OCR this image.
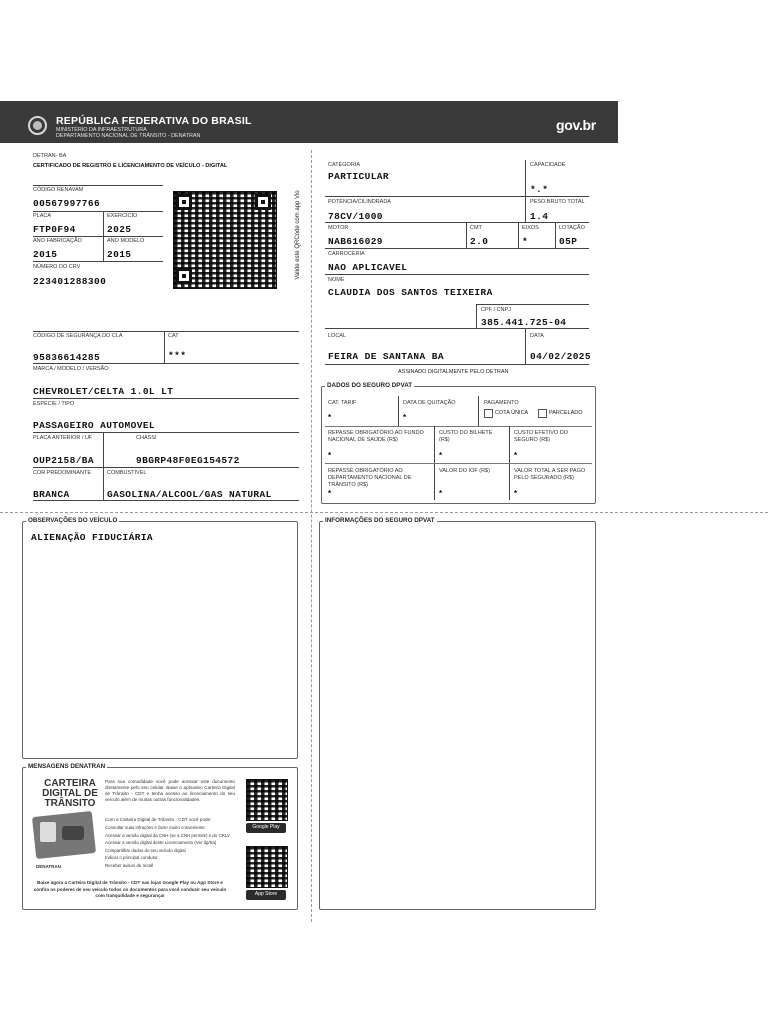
REPÚBLICA FEDERATIVA DO BRASIL
MINISTÉRIO DA INFRAESTRUTURA
DEPARTAMENTO NACIONAL DE TRÂNSITO - DENATRAN
gov.br
DETRAN- BA
CERTIFICADO DE REGISTRO E LICENCIAMENTO DE VEÍCULO - DIGITAL
CÓDIGO RENAVAM
00567997766
PLACA
FTP0F94
EXERCÍCIO
2025
ANO FABRICAÇÃO
2015
ANO MODELO
2015
NÚMERO DO CRV
223401288300
Valide este QRCode com app Vio
CÓDIGO DE SEGURANÇA DO CLA
95836614285
CAT
***
MARCA / MODELO / VERSÃO
CHEVROLET/CELTA 1.0L LT
ESPÉCIE / TIPO
PASSAGEIRO AUTOMOVEL
PLACA ANTERIOR / UF
OUP2158/BA
CHASSI
9BGRP48F0EG154572
COR PREDOMINANTE
BRANCA
COMBUSTÍVEL
GASOLINA/ALCOOL/GAS NATURAL
CATEGORIA
PARTICULAR
CAPACIDADE
*.*
POTÊNCIA/CILINDRADA
78CV/1000
PESO BRUTO TOTAL
1.4
MOTOR
NAB616029
CMT
2.0
EIXOS
*
LOTAÇÃO
05P
CARROCERIA
NAO APLICAVEL
NOME
CLAUDIA DOS SANTOS TEIXEIRA
CPF / CNPJ
385.441.725-04
LOCAL
FEIRA DE SANTANA BA
DATA
04/02/2025
ASSINADO DIGITALMENTE PELO DETRAN
DADOS DO SEGURO DPVAT
CAT. TARIF
*
DATA DE QUITAÇÃO
*
PAGAMENTO
COTA ÚNICA	PARCELADO
REPASSE OBRIGATÓRIO AO FUNDO NACIONAL DE SAÚDE (R$)
*
CUSTO DO BILHETE (R$)
*
CUSTO EFETIVO DO SEGURO (R$)
*
REPASSE OBRIGATÓRIO AO DEPARTAMENTO NACIONAL DE TRÂNSITO (R$)
*
VALOR DO IOF (R$)
*
VALOR TOTAL A SER PAGO PELO SEGURADO (R$)
*
OBSERVAÇÕES DO VEÍCULO
ALIENAÇÃO FIDUCIÁRIA
INFORMAÇÕES DO SEGURO DPVAT
MENSAGENS DENATRAN
CARTEIRA
DIGITAL DE
TRÂNSITO
DENATRAN
Para sua comodidade você pode acessar este documento diretamente pelo seu celular. Baixe o aplicativo Carteira Digital de Trânsito - CDT e tenha acesso ao licenciamento do seu veículo além de muitas outras funcionalidades.
Com a Carteira Digital de Trânsito - CDT você pode:
Consultar suas infrações e fazer muito conveniente
Acessar a versão digital da CNH (se a CNH permitir) e do CRLV
Acessar a versão digital deste Licenciamento (Ver dg/tra)
Compartilhar dados do seu veículo digital
Indicar o principal condutor
Receber avisos de recall
Baixe agora a Carteira Digital de Trânsito - CDT nas lojas Google Play ou App Store e confira os poderes de seu veículo todos os documentos para você conduzir seu veículo com tranquilidade e segurança!
Google Play
App Store
